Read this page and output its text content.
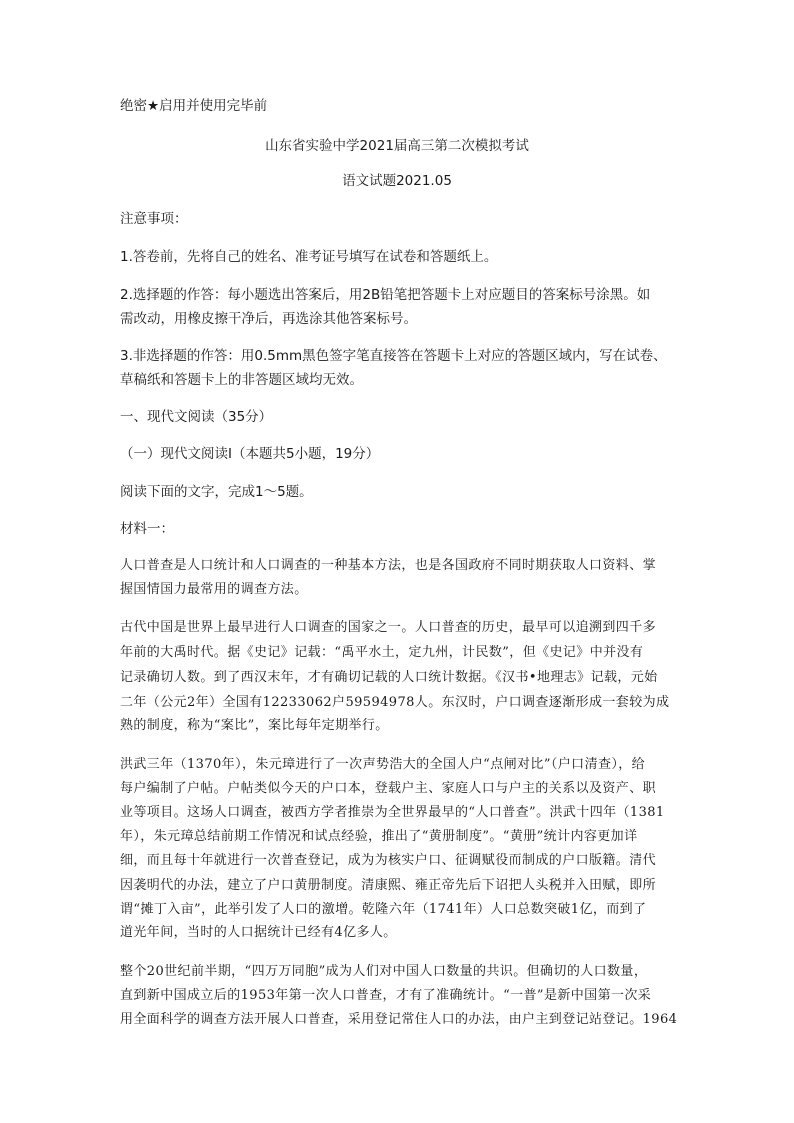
绝密★启用并使用完毕前
山东省实验中学2021届高三第二次模拟考试
语文试题2021.05
注意事项：
1.答卷前，先将自己的姓名、准考证号填写在试卷和答题纸上。
2.选择题的作答：每小题选出答案后，用2B铅笔把答题卡上对应题目的答案标号涂黑。如
需改动，用橡皮擦干净后，再选涂其他答案标号。
3.非选择题的作答：用0.5mm黑色签字笔直接答在答题卡上对应的答题区域内，写在试卷、
草稿纸和答题卡上的非答题区域均无效。
一、现代文阅读（35分）
（一）现代文阅读Ⅰ（本题共5小题，19分）
阅读下面的文字，完成1～5题。
材料一：
人口普查是人口统计和人口调查的一种基本方法，也是各国政府不同时期获取人口资料、掌
握国情国力最常用的调查方法。
古代中国是世界上最早进行人口调查的国家之一。人口普查的历史，最早可以追溯到四千多
年前的大禹时代。据《史记》记载：“禹平水土，定九州，计民数”，但《史记》中并没有
记录确切人数。到了西汉末年，才有确切记载的人口统计数据。《汉书•地理志》记载，元始
二年（公元2年）全国有12233062户59594978人。东汉时，户口调查逐渐形成一套较为成
熟的制度，称为“案比”，案比每年定期举行。
洪武三年（1370年），朱元璋进行了一次声势浩大的全国人户“点闸对比”（户口清查），给
每户编制了户帖。户帖类似今天的户口本，登载户主、家庭人口与户主的关系以及资产、职
业等项目。这场人口调查，被西方学者推崇为全世界最早的“人口普查”。洪武十四年（1381
年），朱元璋总结前期工作情况和试点经验，推出了“黄册制度”。“黄册”统计内容更加详
细，而且每十年就进行一次普查登记，成为为核实户口、征调赋役而制成的户口版籍。清代
因袭明代的办法，建立了户口黄册制度。清康熙、雍正帝先后下诏把人头税并入田赋，即所
谓“摊丁入亩”，此举引发了人口的激增。乾隆六年（1741年）人口总数突破1亿，而到了
道光年间，当时的人口据统计已经有4亿多人。
整个20世纪前半期，“四万万同胞”成为人们对中国人口数量的共识。但确切的人口数量，
直到新中国成立后的1953年第一次人口普查，才有了准确统计。“一普”是新中国第一次采
用全面科学的调查方法开展人口普查，采用登记常住人口的办法，由户主到登记站登记。1964
